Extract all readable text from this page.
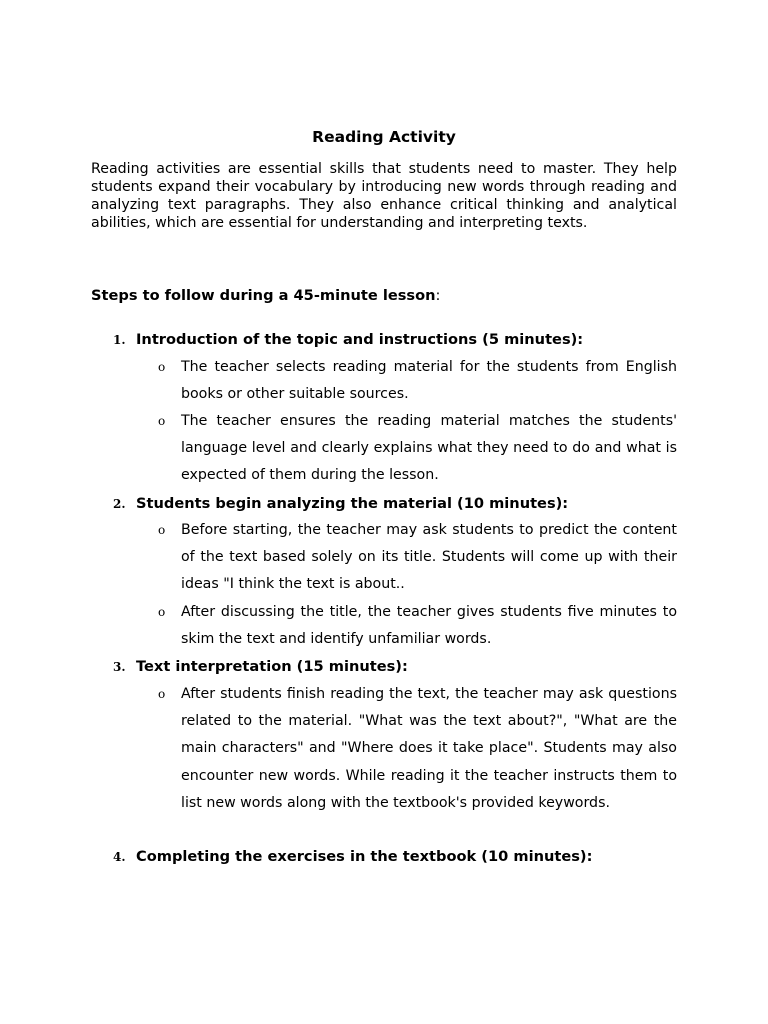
Reading Activity

Reading activities are essential skills that students need to master. They help students expand their vocabulary by introducing new words through reading and analyzing text paragraphs. They also enhance critical thinking and analytical abilities, which are essential for understanding and interpreting texts.

Steps to follow during a 45-minute lesson:

1. Introduction of the topic and instructions (5 minutes):
o The teacher selects reading material for the students from English books or other suitable sources.

o The teacher ensures the reading material matches the students' language level and clearly explains what they need to do and what is expected of them during the lesson.

2. Students begin analyzing the material (10 minutes):
o Before starting, the teacher may ask students to predict the content of the text based solely on its title. Students will come up with their ideas "I think the text is about..

o After discussing the title, the teacher gives students five minutes to skim the text and identify unfamiliar words.

3. Text interpretation (15 minutes):
o After students finish reading the text, the teacher may ask questions related to the material. "What was the text about?", "What are the main characters" and "Where does it take place". Students may also encounter new words. While reading it the teacher instructs them to list new words along with the textbook's provided keywords.

4. Completing the exercises in the textbook (10 minutes):
